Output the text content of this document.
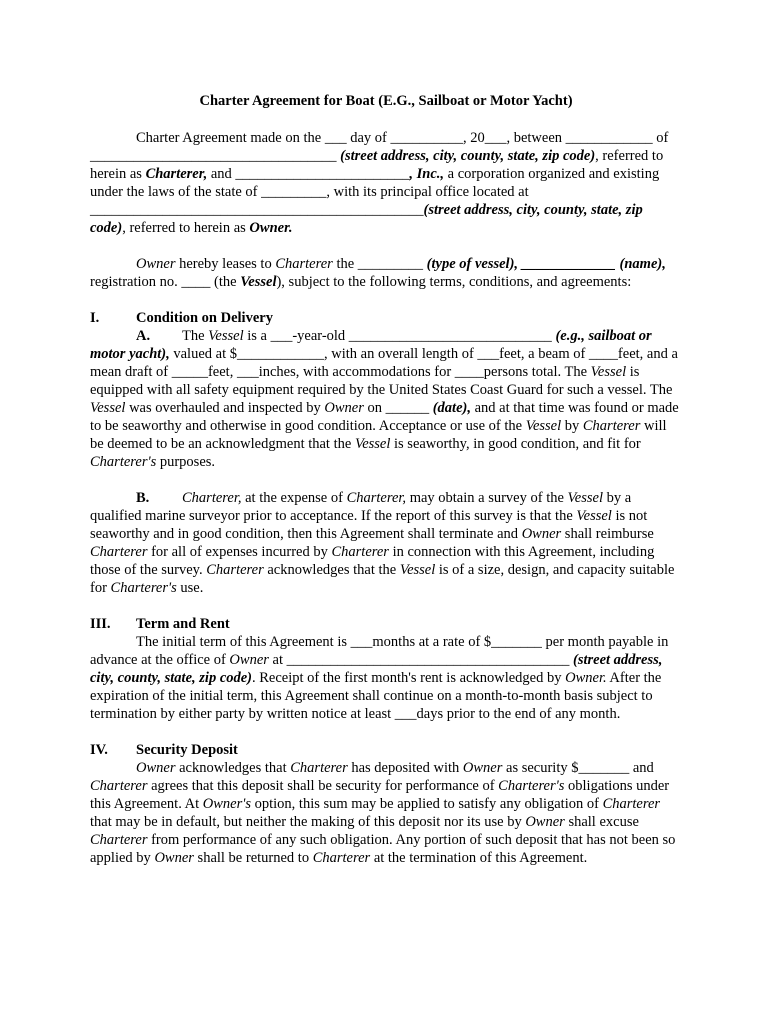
Charter Agreement for Boat (E.G., Sailboat or Motor Yacht)

Charter Agreement made on the ___ day of __________, 20___, between ____________ of __________________________________ (street address, city, county, state, zip code), referred to herein as Charterer, and ________________________, Inc., a corporation organized and existing under the laws of the state of _________, with its principal office located at ______________________________________________(street address, city, county, state, zip code), referred to herein as Owner.

Owner hereby leases to Charterer the _________ (type of vessel), _____________ (name), registration no. ____ (the Vessel), subject to the following terms, conditions, and agreements:

I.	Condition on Delivery

A. The Vessel is a ___-year-old ____________________________ (e.g., sailboat or motor yacht), valued at $____________, with an overall length of ___feet, a beam of ____feet, and a mean draft of _____feet, ___inches, with accommodations for ____persons total. The Vessel is equipped with all safety equipment required by the United States Coast Guard for such a vessel. The Vessel was overhauled and inspected by Owner on ______ (date), and at that time was found or made to be seaworthy and otherwise in good condition. Acceptance or use of the Vessel by Charterer will be deemed to be an acknowledgment that the Vessel is seaworthy, in good condition, and fit for Charterer's purposes.

B. Charterer, at the expense of Charterer, may obtain a survey of the Vessel by a qualified marine surveyor prior to acceptance. If the report of this survey is that the Vessel is not seaworthy and in good condition, then this Agreement shall terminate and Owner shall reimburse Charterer for all of expenses incurred by Charterer in connection with this Agreement, including those of the survey. Charterer acknowledges that the Vessel is of a size, design, and capacity suitable for Charterer's use.

III. Term and Rent

The initial term of this Agreement is ___months at a rate of $_______ per month payable in advance at the office of Owner at _______________________________________ (street address, city, county, state, zip code). Receipt of the first month's rent is acknowledged by Owner. After the expiration of the initial term, this Agreement shall continue on a month-to-month basis subject to termination by either party by written notice at least ___days prior to the end of any month.

IV. Security Deposit

Owner acknowledges that Charterer has deposited with Owner as security $_______ and Charterer agrees that this deposit shall be security for performance of Charterer's obligations under this Agreement. At Owner's option, this sum may be applied to satisfy any obligation of Charterer that may be in default, but neither the making of this deposit nor its use by Owner shall excuse Charterer from performance of any such obligation. Any portion of such deposit that has not been so applied by Owner shall be returned to Charterer at the termination of this Agreement.
